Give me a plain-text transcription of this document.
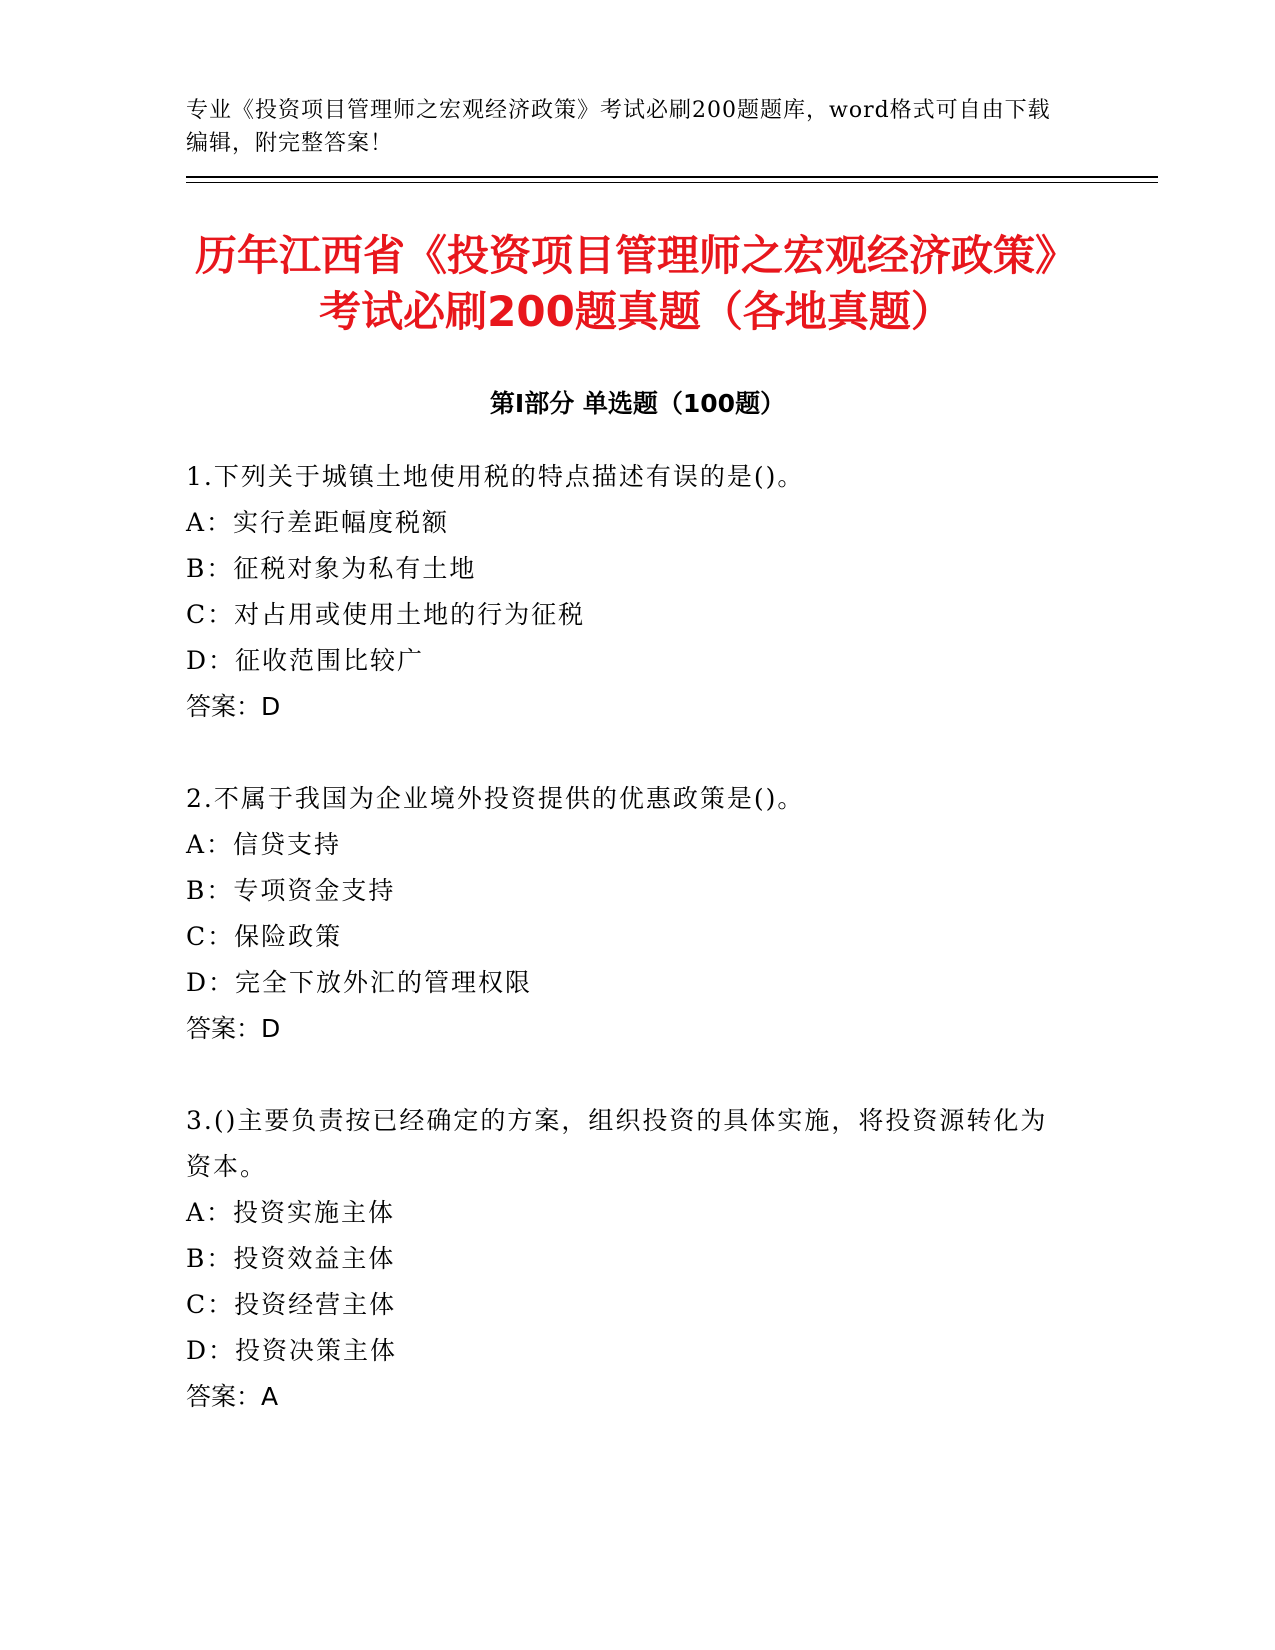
专业《投资项目管理师之宏观经济政策》考试必刷200题题库，word格式可自由下载编辑，附完整答案！

历年江西省《投资项目管理师之宏观经济政策》考试必刷200题真题（各地真题）
第Ⅰ部分 单选题（100题）

1.下列关于城镇土地使用税的特点描述有误的是()。

A：实行差距幅度税额

B：征税对象为私有土地

C：对占用或使用土地的行为征税

D：征收范围比较广

答案：D

2.不属于我国为企业境外投资提供的优惠政策是()。

A：信贷支持

B：专项资金支持

C：保险政策

D：完全下放外汇的管理权限

答案：D

3.()主要负责按已经确定的方案，组织投资的具体实施，将投资源转化为资本。

A：投资实施主体

B：投资效益主体

C：投资经营主体

D：投资决策主体

答案：A
